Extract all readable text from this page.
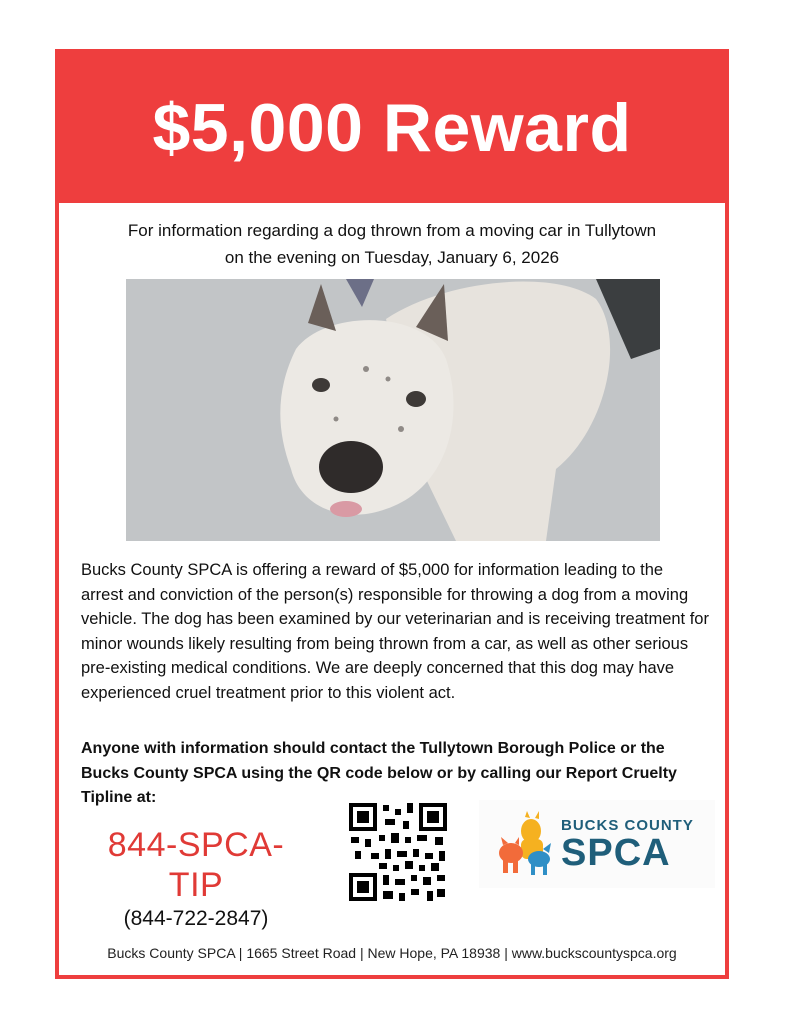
$5,000 Reward
For information regarding a dog thrown from a moving car in Tullytown
on the evening on Tuesday, January 6, 2026
Bucks County SPCA is offering a reward of $5,000 for information leading to the arrest and conviction of the person(s) responsible for throwing a dog from a moving vehicle. The dog has been examined by our veterinarian and is receiving treatment for minor wounds likely resulting from being thrown from a car, as well as other serious pre-existing medical conditions. We are deeply concerned that this dog may have experienced cruel treatment prior to this violent act.
Anyone with information should contact the Tullytown Borough Police or the Bucks County SPCA using the QR code below or by calling our Report Cruelty Tipline at:
844-SPCA-TIP
(844-722-2847)
BUCKS COUNTY
SPCA
Bucks County SPCA | 1665 Street Road | New Hope, PA 18938 | www.buckscountyspca.org
